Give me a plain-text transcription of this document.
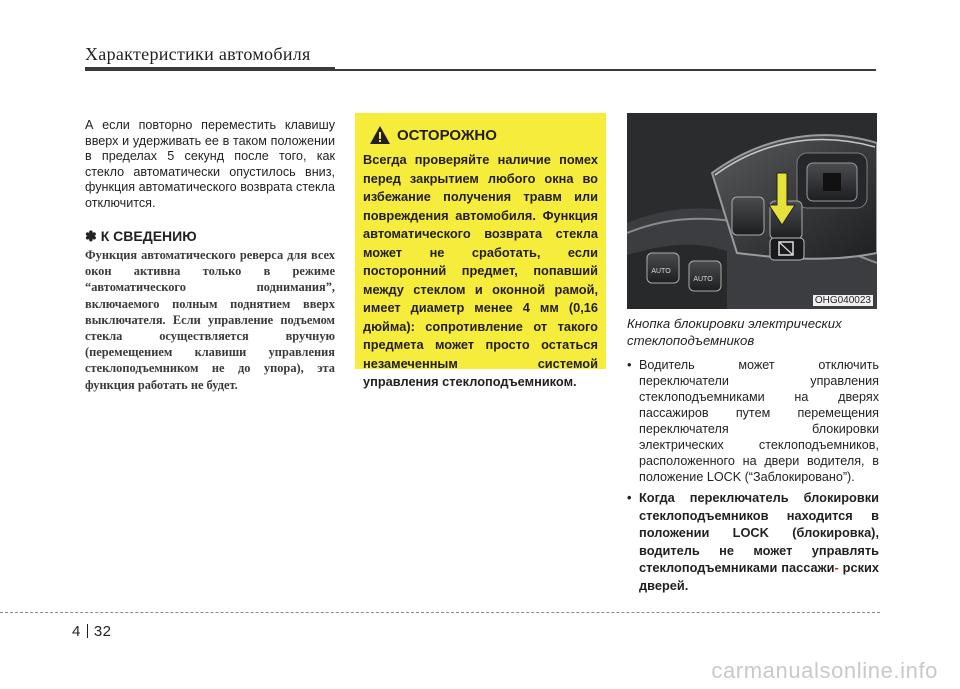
Характеристики автомобиля

А если повторно переместить клавишу вверх и удерживать ее в таком положении в пределах 5 секунд после того, как стекло автоматически опустилось вниз, функция автоматического возврата стекла отключится.

✽ К СВЕДЕНИЮ

Функция автоматического реверса для всех окон активна только в режиме “автоматического поднимания”, включаемого полным поднятием вверх выключателя. Если управление подъемом стекла осуществляется вручную (перемещением клавиши управления стеклоподъемником не до упора), эта функция работать не будет.

ОСТОРОЖНО

Всегда проверяйте наличие помех перед закрытием любого окна во избежание получения травм или повреждения автомобиля. Функция автоматического возврата стекла может не сработать, если посторонний предмет, попавший между стеклом и оконной рамой, имеет диаметр менее 4 мм (0,16 дюйма): сопротивление от такого предмета может просто остаться незамеченным системой управления стеклоподъемником.

AUTO
AUTO
OHG040023

Кнопка блокировки электрических стеклоподъемников

• Водитель может отключить переключатели управления стеклоподъемниками на дверях пассажиров путем перемещения переключателя блокировки электрических стеклоподъемников, расположенного на двери водителя, в положение LOCK (“Заблокировано”).
• Когда переключатель блокировки стеклоподъемников находится в положении LOCK (блокировка), водитель не может управлять стеклоподъемниками пассажи- рских дверей.
4 32
carmanualsonline.info
